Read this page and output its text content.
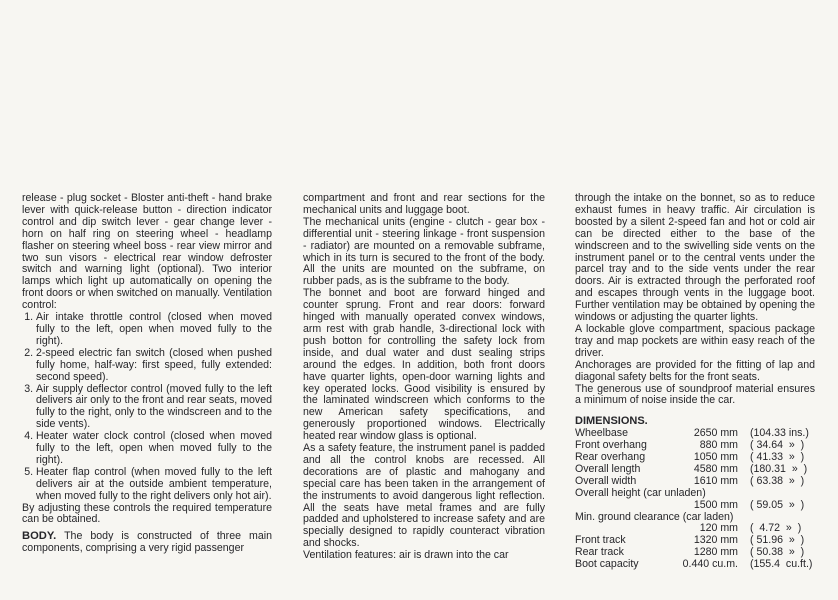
release - plug socket - Bloster anti-theft - hand brake lever with quick-release button - direction indicator control and dip switch lever - gear change lever - horn on half ring on steering wheel - headlamp flasher on steering wheel boss - rear view mirror and two sun visors - electrical rear window defroster switch and warning light (optional). Two interior lamps which light up automatically on opening the front doors or when switched on manually. Ventilation control:

1. Air intake throttle control (closed when moved fully to the left, open when moved fully to the right).
2. 2-speed electric fan switch (closed when pushed fully home, half-way: first speed, fully extended: second speed).
3. Air supply deflector control (moved fully to the left delivers air only to the front and rear seats, moved fully to the right, only to the windscreen and to the side vents).
4. Heater water clock control (closed when moved fully to the left, open when moved fully to the right).
5. Heater flap control (when moved fully to the left delivers air at the outside ambient temperature, when moved fully to the right delivers only hot air).

By adjusting these controls the required temperature can be obtained.

BODY. The body is constructed of three main components, comprising a very rigid passenger

compartment and front and rear sections for the mechanical units and luggage boot.

The mechanical units (engine - clutch - gear box - differential unit - steering linkage - front suspension - radiator) are mounted on a removable subframe, which in its turn is secured to the front of the body. All the units are mounted on the subframe, on rubber pads, as is the subframe to the body.

The bonnet and boot are forward hinged and counter sprung. Front and rear doors: forward hinged with manually operated convex windows, arm rest with grab handle, 3-directional lock with push botton for controlling the safety lock from inside, and dual water and dust sealing strips around the edges. In addition, both front doors have quarter lights, open-door warning lights and key operated locks. Good visibility is ensured by the laminated windscreen which conforms to the new American safety specifications, and generously proportioned windows. Electrically heated rear window glass is optional.

As a safety feature, the instrument panel is padded and all the control knobs are recessed. All decorations are of plastic and mahogany and special care has been taken in the arrangement of the instruments to avoid dangerous light reflection. All the seats have metal frames and are fully padded and upholstered to increase safety and are specially designed to rapidly counteract vibration and shocks.

Ventilation features: air is drawn into the car

through the intake on the bonnet, so as to reduce exhaust fumes in heavy traffic. Air circulation is boosted by a silent 2-speed fan and hot or cold air can be directed either to the base of the windscreen and to the swivelling side vents on the instrument panel or to the central vents under the parcel tray and to the side vents under the rear doors. Air is extracted through the perforated roof and escapes through vents in the luggage boot. Further ventilation may be obtained by opening the windows or adjusting the quarter lights.

A lockable glove compartment, spacious package tray and map pockets are within easy reach of the driver.

Anchorages are provided for the fitting of lap and diagonal safety belts for the front seats.

The generous use of soundproof material ensures a minimum of noise inside the car.

DIMENSIONS.

Wheelbase	2650 mm	(104.33 ins.)
Front overhang	880 mm	( 34.64  »  )
Rear overhang	1050 mm	( 41.33  »  )
Overall length	4580 mm	(180.31  »  )
Overall width	1610 mm	( 63.38  »  )
Overall height (car unladen)
1500 mm	( 59.05  »  )
Min. ground clearance (car laden)
120 mm	(  4.72  »  )
Front track	1320 mm	( 51.96  »  )
Rear track	1280 mm	( 50.38  »  )
Boot capacity	0.440 cu.m.	(155.4  cu.ft.)
